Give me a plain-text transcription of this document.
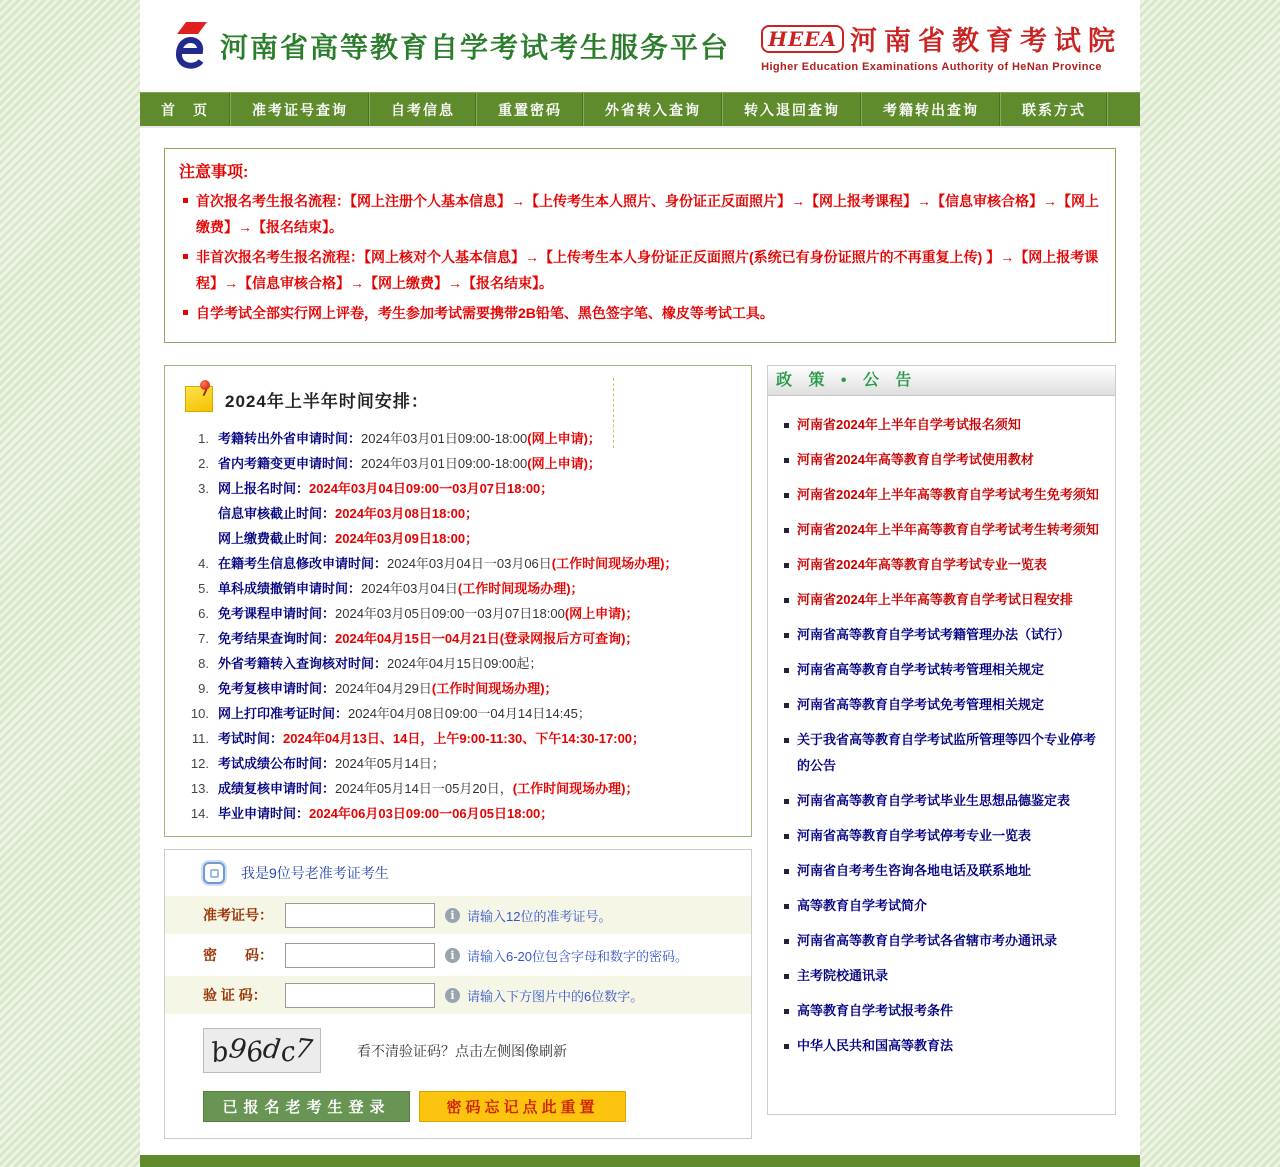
河南省高等教育自学考试考生服务平台	HEEA 河南省教育考试院
Higher Education Examinations Authority of HeNan Province
首　页	准考证号查询	自考信息	重置密码	外省转入查询	转入退回查询	考籍转出查询	联系方式
注意事项:
首次报名考生报名流程：【网上注册个人基本信息】→【上传考生本人照片、身份证正反面照片】→【网上报考课程】→【信息审核合格】→【网上缴费】→【报名结束】。
非首次报名考生报名流程：【网上核对个人基本信息】→【上传考生本人身份证正反面照片(系统已有身份证照片的不再重复上传) 】→【网上报考课程】→【信息审核合格】→【网上缴费】→【报名结束】。
自学考试全部实行网上评卷，考生参加考试需要携带2B铅笔、黑色签字笔、橡皮等考试工具。
2024年上半年时间安排：
1. 考籍转出外省申请时间：2024年03月01日09:00-18:00(网上申请)；
2. 省内考籍变更申请时间：2024年03月01日09:00-18:00(网上申请)；
3. 网上报名时间：2024年03月04日09:00一03月07日18:00；
信息审核截止时间：2024年03月08日18:00；
网上缴费截止时间：2024年03月09日18:00；
4. 在籍考生信息修改申请时间：2024年03月04日一03月06日(工作时间现场办理)；
5. 单科成绩撤销申请时间：2024年03月04日(工作时间现场办理)；
6. 免考课程申请时间：2024年03月05日09:00一03月07日18:00(网上申请)；
7. 免考结果查询时间：2024年04月15日一04月21日(登录网报后方可查询)；
8. 外省考籍转入查询核对时间：2024年04月15日09:00起；
9. 免考复核申请时间：2024年04月29日(工作时间现场办理)；
10. 网上打印准考证时间：2024年04月08日09:00一04月14日14:45；
11. 考试时间：2024年04月13日、14日，上午9:00-11:30、下午14:30-17:00；
12. 考试成绩公布时间：2024年05月14日；
13. 成绩复核申请时间：2024年05月14日一05月20日，(工作时间现场办理)；
14. 毕业申请时间：2024年06月03日09:00一06月05日18:00；
我是9位号老准考证考生
准考证号： i	请输入12位的准考证号。
密　　码： i	请输入6-20位包含字母和数字的密码。
验 证 码： i	请输入下方图片中的6位数字。
b
9
6
d
c
7	看不清验证码？点击左侧图像刷新
已报名老考生登录	密码忘记点此重置
政 策 • 公 告
河南省2024年上半年自学考试报名须知
河南省2024年高等教育自学考试使用教材
河南省2024年上半年高等教育自学考试考生免考须知
河南省2024年上半年高等教育自学考试考生转考须知
河南省2024年高等教育自学考试专业一览表
河南省2024年上半年高等教育自学考试日程安排
河南省高等教育自学考试考籍管理办法（试行）
河南省高等教育自学考试转考管理相关规定
河南省高等教育自学考试免考管理相关规定
关于我省高等教育自学考试监所管理等四个专业停考的公告
河南省高等教育自学考试毕业生思想品德鉴定表
河南省高等教育自学考试停考专业一览表
河南省自考考生咨询各地电话及联系地址
高等教育自学考试简介
河南省高等教育自学考试各省辖市考办通讯录
主考院校通讯录
高等教育自学考试报考条件
中华人民共和国高等教育法
